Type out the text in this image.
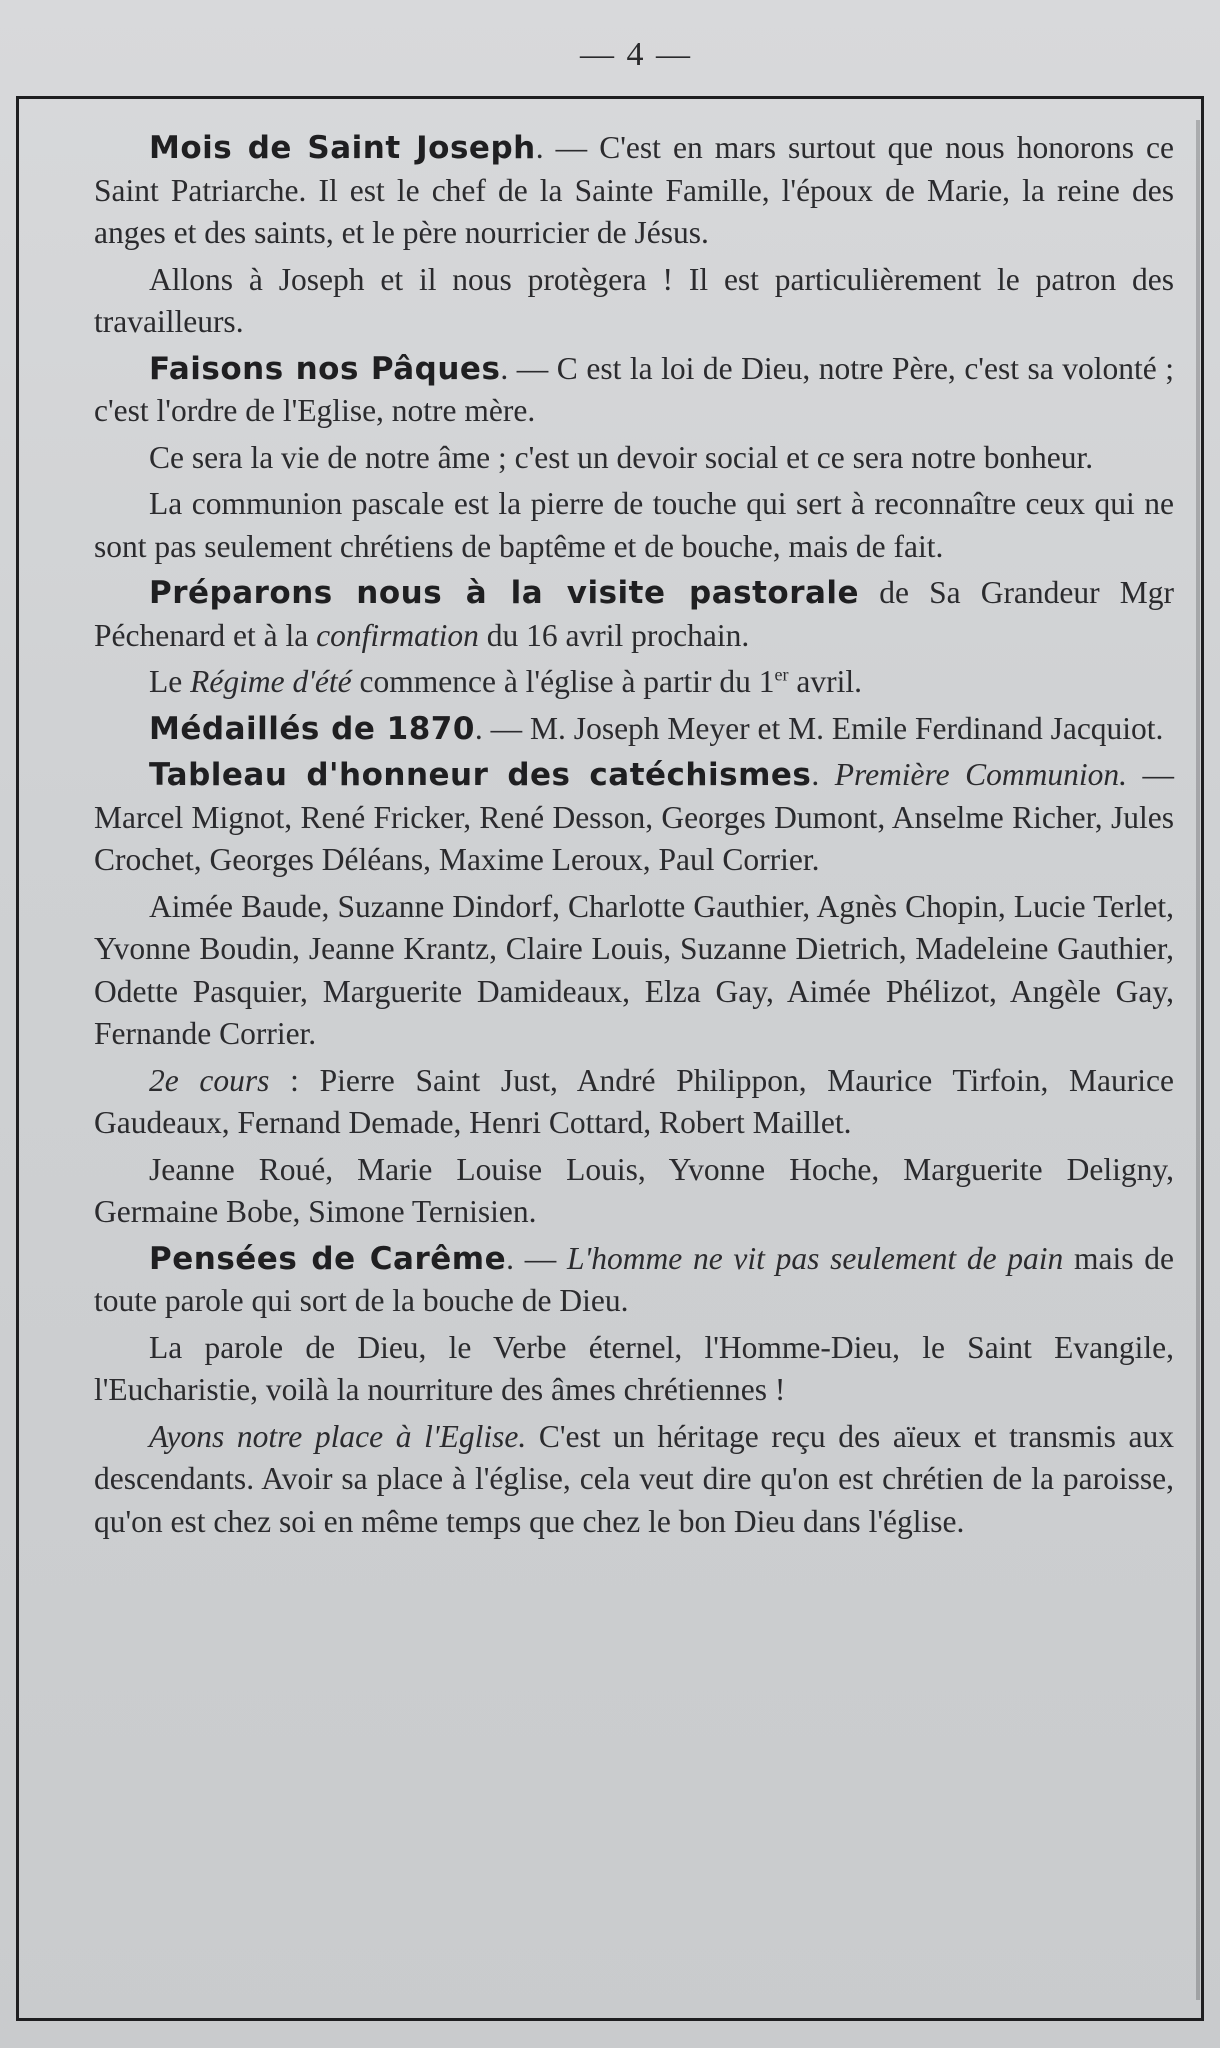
— 4 —

Mois de Saint Joseph. — C'est en mars surtout que nous honorons ce Saint Patriarche. Il est le chef de la Sainte Famille, l'époux de Marie, la reine des anges et des saints, et le père nourricier de Jésus.

Allons à Joseph et il nous protègera ! Il est particulièrement le patron des travailleurs.

Faisons nos Pâques. — C est la loi de Dieu, notre Père, c'est sa volonté ; c'est l'ordre de l'Eglise, notre mère.

Ce sera la vie de notre âme ; c'est un devoir social et ce sera notre bonheur.

La communion pascale est la pierre de touche qui sert à reconnaître ceux qui ne sont pas seulement chrétiens de baptême et de bouche, mais de fait.

Préparons nous à la visite pastorale de Sa Grandeur Mgr Péchenard et à la confirmation du 16 avril prochain.

Le Régime d'été commence à l'église à partir du 1er avril.

Médaillés de 1870. — M. Joseph Meyer et M. Emile Ferdinand Jacquiot.

Tableau d'honneur des catéchismes. Première Communion. — Marcel Mignot, René Fricker, René Desson, Georges Dumont, Anselme Richer, Jules Crochet, Georges Déléans, Maxime Leroux, Paul Corrier.

Aimée Baude, Suzanne Dindorf, Charlotte Gauthier, Agnès Chopin, Lucie Terlet, Yvonne Boudin, Jeanne Krantz, Claire Louis, Suzanne Dietrich, Madeleine Gauthier, Odette Pasquier, Marguerite Damideaux, Elza Gay, Aimée Phélizot, Angèle Gay, Fernande Corrier.

2e cours : Pierre Saint Just, André Philippon, Maurice Tirfoin, Maurice Gaudeaux, Fernand Demade, Henri Cottard, Robert Maillet.

Jeanne Roué, Marie Louise Louis, Yvonne Hoche, Marguerite Deligny, Germaine Bobe, Simone Ternisien.

Pensées de Carême. — L'homme ne vit pas seulement de pain mais de toute parole qui sort de la bouche de Dieu.

La parole de Dieu, le Verbe éternel, l'Homme-Dieu, le Saint Evangile, l'Eucharistie, voilà la nourriture des âmes chrétiennes !

Ayons notre place à l'Eglise. C'est un héritage reçu des aïeux et transmis aux descendants. Avoir sa place à l'église, cela veut dire qu'on est chrétien de la paroisse, qu'on est chez soi en même temps que chez le bon Dieu dans l'église.
